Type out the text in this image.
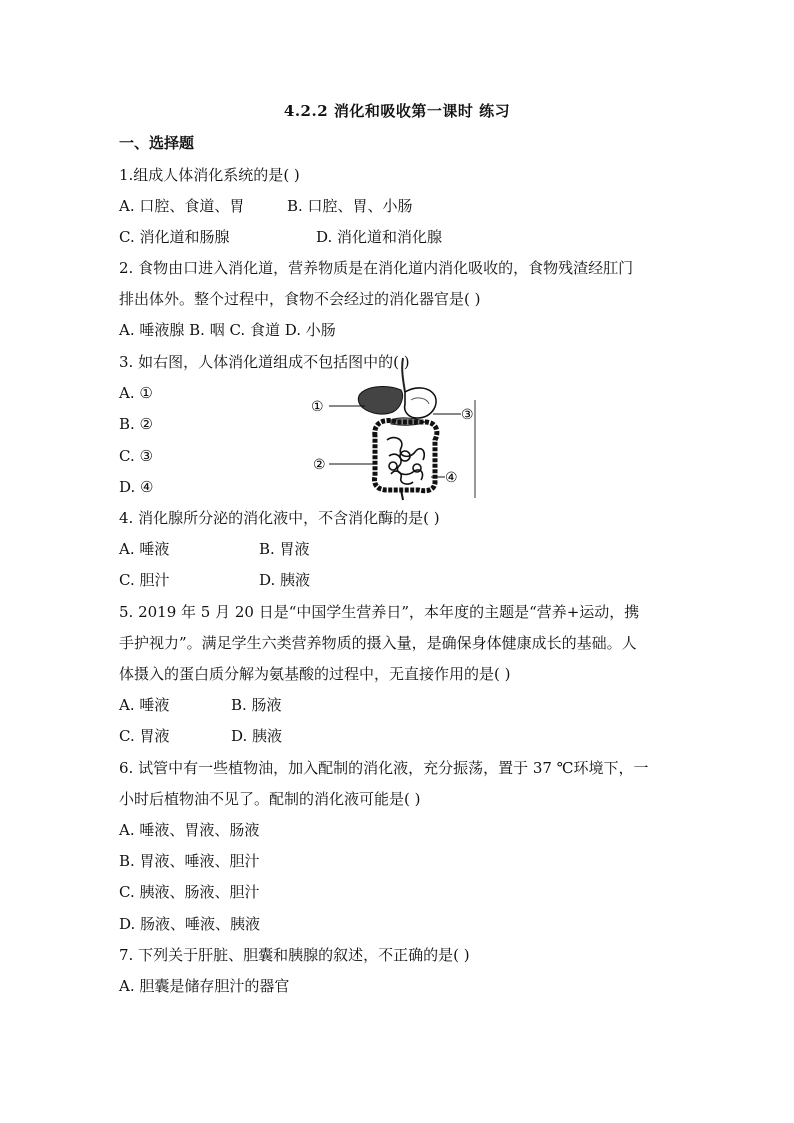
4.2.2 消化和吸收第一课时 练习
一、选择题
1.组成人体消化系统的是( )
A. 口腔、食道、胃	B. 口腔、胃、小肠
C. 消化道和肠腺	D. 消化道和消化腺
2. 食物由口进入消化道，营养物质是在消化道内消化吸收的，食物残渣经肛门
排出体外。整个过程中，食物不会经过的消化器官是( )
A. 唾液腺 B. 咽 C. 食道 D. 小肠
3. 如右图，人体消化道组成不包括图中的( )
A. ①
B. ②
C. ③
D. ④
①
②
③
④
4. 消化腺所分泌的消化液中，不含消化酶的是( )
A. 唾液	B. 胃液
C. 胆汁	D. 胰液
5. 2019 年 5 月 20 日是“中国学生营养日”，本年度的主题是“营养+运动，携
手护视力”。满足学生六类营养物质的摄入量，是确保身体健康成长的基础。人
体摄入的蛋白质分解为氨基酸的过程中，无直接作用的是( )
A. 唾液	B. 肠液
C. 胃液	D. 胰液
6. 试管中有一些植物油，加入配制的消化液，充分振荡，置于 37 ℃环境下，一
小时后植物油不见了。配制的消化液可能是( )
A. 唾液、胃液、肠液
B. 胃液、唾液、胆汁
C. 胰液、肠液、胆汁
D. 肠液、唾液、胰液
7. 下列关于肝脏、胆囊和胰腺的叙述，不正确的是( )
A. 胆囊是储存胆汁的器官
